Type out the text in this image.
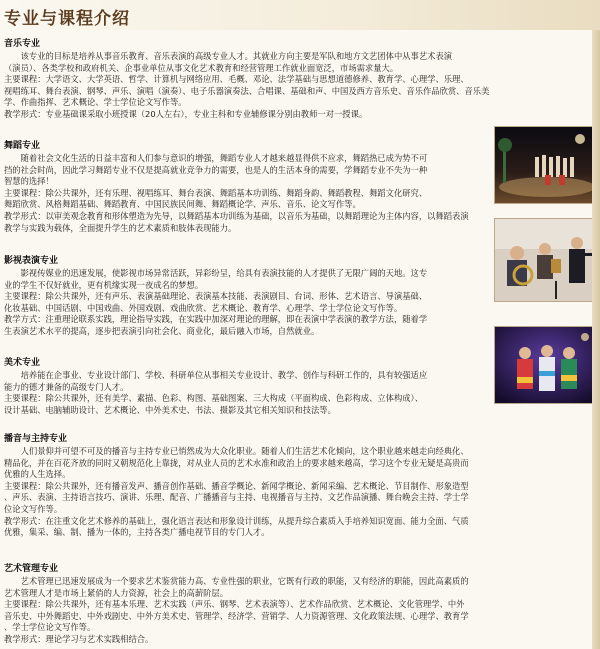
专业与课程介绍
音乐专业
该专业的目标是培养从事音乐教育、音乐表演的高级专业人才。其就业方向主要是军队和地方文艺团体中从事艺术表演
（演员）、各类学校和政府机关、企事业单位从事文化艺术教育和经营管理工作就业面宽泛，市场需求量大。
主要课程：大学语文、大学英语、哲学、计算机与网络应用、毛概、邓论、法学基础与思想道德修养、教育学、心理学、乐理、
视唱练耳、舞台表演、钢琴、声乐、演唱（演奏）、电子乐器演奏法、合唱课、基础和声、中国及西方音乐史、音乐作品欣赏、音乐美
学、作曲指挥、艺术概论、学士学位论文写作等。
教学形式：专业基础课采取小班授课（20人左右），专业主科和专业辅修课分别由教师一对一授课。
舞蹈专业
随着社会文化生活的日益丰富和人们参与意识的增强，舞蹈专业人才越来越显得供不应求，舞蹈热已成为势不可
挡的社会时尚，因此学习舞蹈专业不仅是提高就业竞争力的需要，也是人的生活本身的需要，学舞蹈专业不失为一种
智慧的选择！
主要课程：除公共课外，还有乐理、视唱练耳、舞台表演、舞蹈基本功训练、舞蹈身韵、舞蹈教程、舞蹈文化研究、
舞蹈欣赏、风格舞蹈基础、舞蹈教育、中国民族民间舞、舞蹈概论学、声乐、音乐、论文写作等。
教学形式：以审美观念教育和形体塑造为先导，以舞蹈基本功训练为基础，以音乐为基础，以舞蹈理论为主体内容，以舞蹈表演
教学与实践为载体，全面提升学生的艺术素质和肢体表现能力。
影视表演专业
影视传媒业的迅速发展，使影视市场异常活跃，异彩纷呈，给具有表演技能的人才提供了无限广阔的天地。这专
业的学生不仅好就业，更有机缘实现一夜成名的梦想。
主要课程：除公共课外，还有声乐、表演基础理论、表演基本技能、表演剧目、台词、形体、艺术语言、导演基础、
化妆基础、中国话剧、中国戏曲、外国戏剧、戏曲欣赏、艺术概论、教育学、心理学、学士学位论文写作等。
教学方式：注重理论联系实践，理论指导实践，在实践中加深对理论的理解，即在表演中学表演的教学方法，随着学
生表演艺术水平的提高，逐步把表演引向社会化、商业化，最后融入市场，自然就业。
美术专业
培养能在企事业、专业设计部门、学校、科研单位从事相关专业设计、教学、创作与科研工作的，具有较强适应
能力的德才兼备的高级专门人才。
主要课程：除公共课外，还有美学、素描、色彩、构图、基础图案、三大构成（平面构成、色彩构成、立体构成）、
设计基础、电脑辅助设计、艺术概论、中外美术史、书法、摄影及其它相关知识和技法等。
播音与主持专业
人们景仰并可望不可及的播音与主持专业已悄然成为大众化职业。随着人们生活艺术化倾向，这个职业越来越走向经典化、
精品化，并在百花齐放的同时又朝规范化上靠拢，对从业人员的艺术水准和政治上的要求越来越高，学习这个专业无疑是高贵而
优雅的人生选择。
主要课程：除公共课外，还有播音发声、播音创作基础、播音学概论、新闻学概论、新闻采编、艺术概论、节目制作、形象造型
、声乐、表演、主持语言技巧、演讲、乐理、配音、广播播音与主持、电视播音与主持、文艺作品演播、舞台晚会主持、学士学
位论文写作等。
教学形式：在注重文化艺术修养的基础上，强化语言表达和形象设计训练，从提升综合素质入手培养知识宽面、能力全面、气质
优雅，集采、编、制、播为一体的，主持各类广播电视节目的专门人才。
艺术管理专业
艺术管理已迅速发展成为一个要求艺术鉴赏能力高、专业性强的职业，它既有行政的职能，又有经济的职能，因此高素质的
艺术管理人才是市场上紧俏的人力资源，社会上的高薪阶层。
主要课程：除公共课外，还有基本乐理、艺术实践（声乐、钢琴、艺术表演等）、艺术作品欣赏、艺术概论、文化管理学、中外
音乐史、中外舞蹈史、中外戏剧史、中外方美术史、管理学、经济学、营销学、人力资源管理、文化政策法规、心理学、教育学
、学士学位论文写作等。
教学形式：理论学习与艺术实践相结合。
